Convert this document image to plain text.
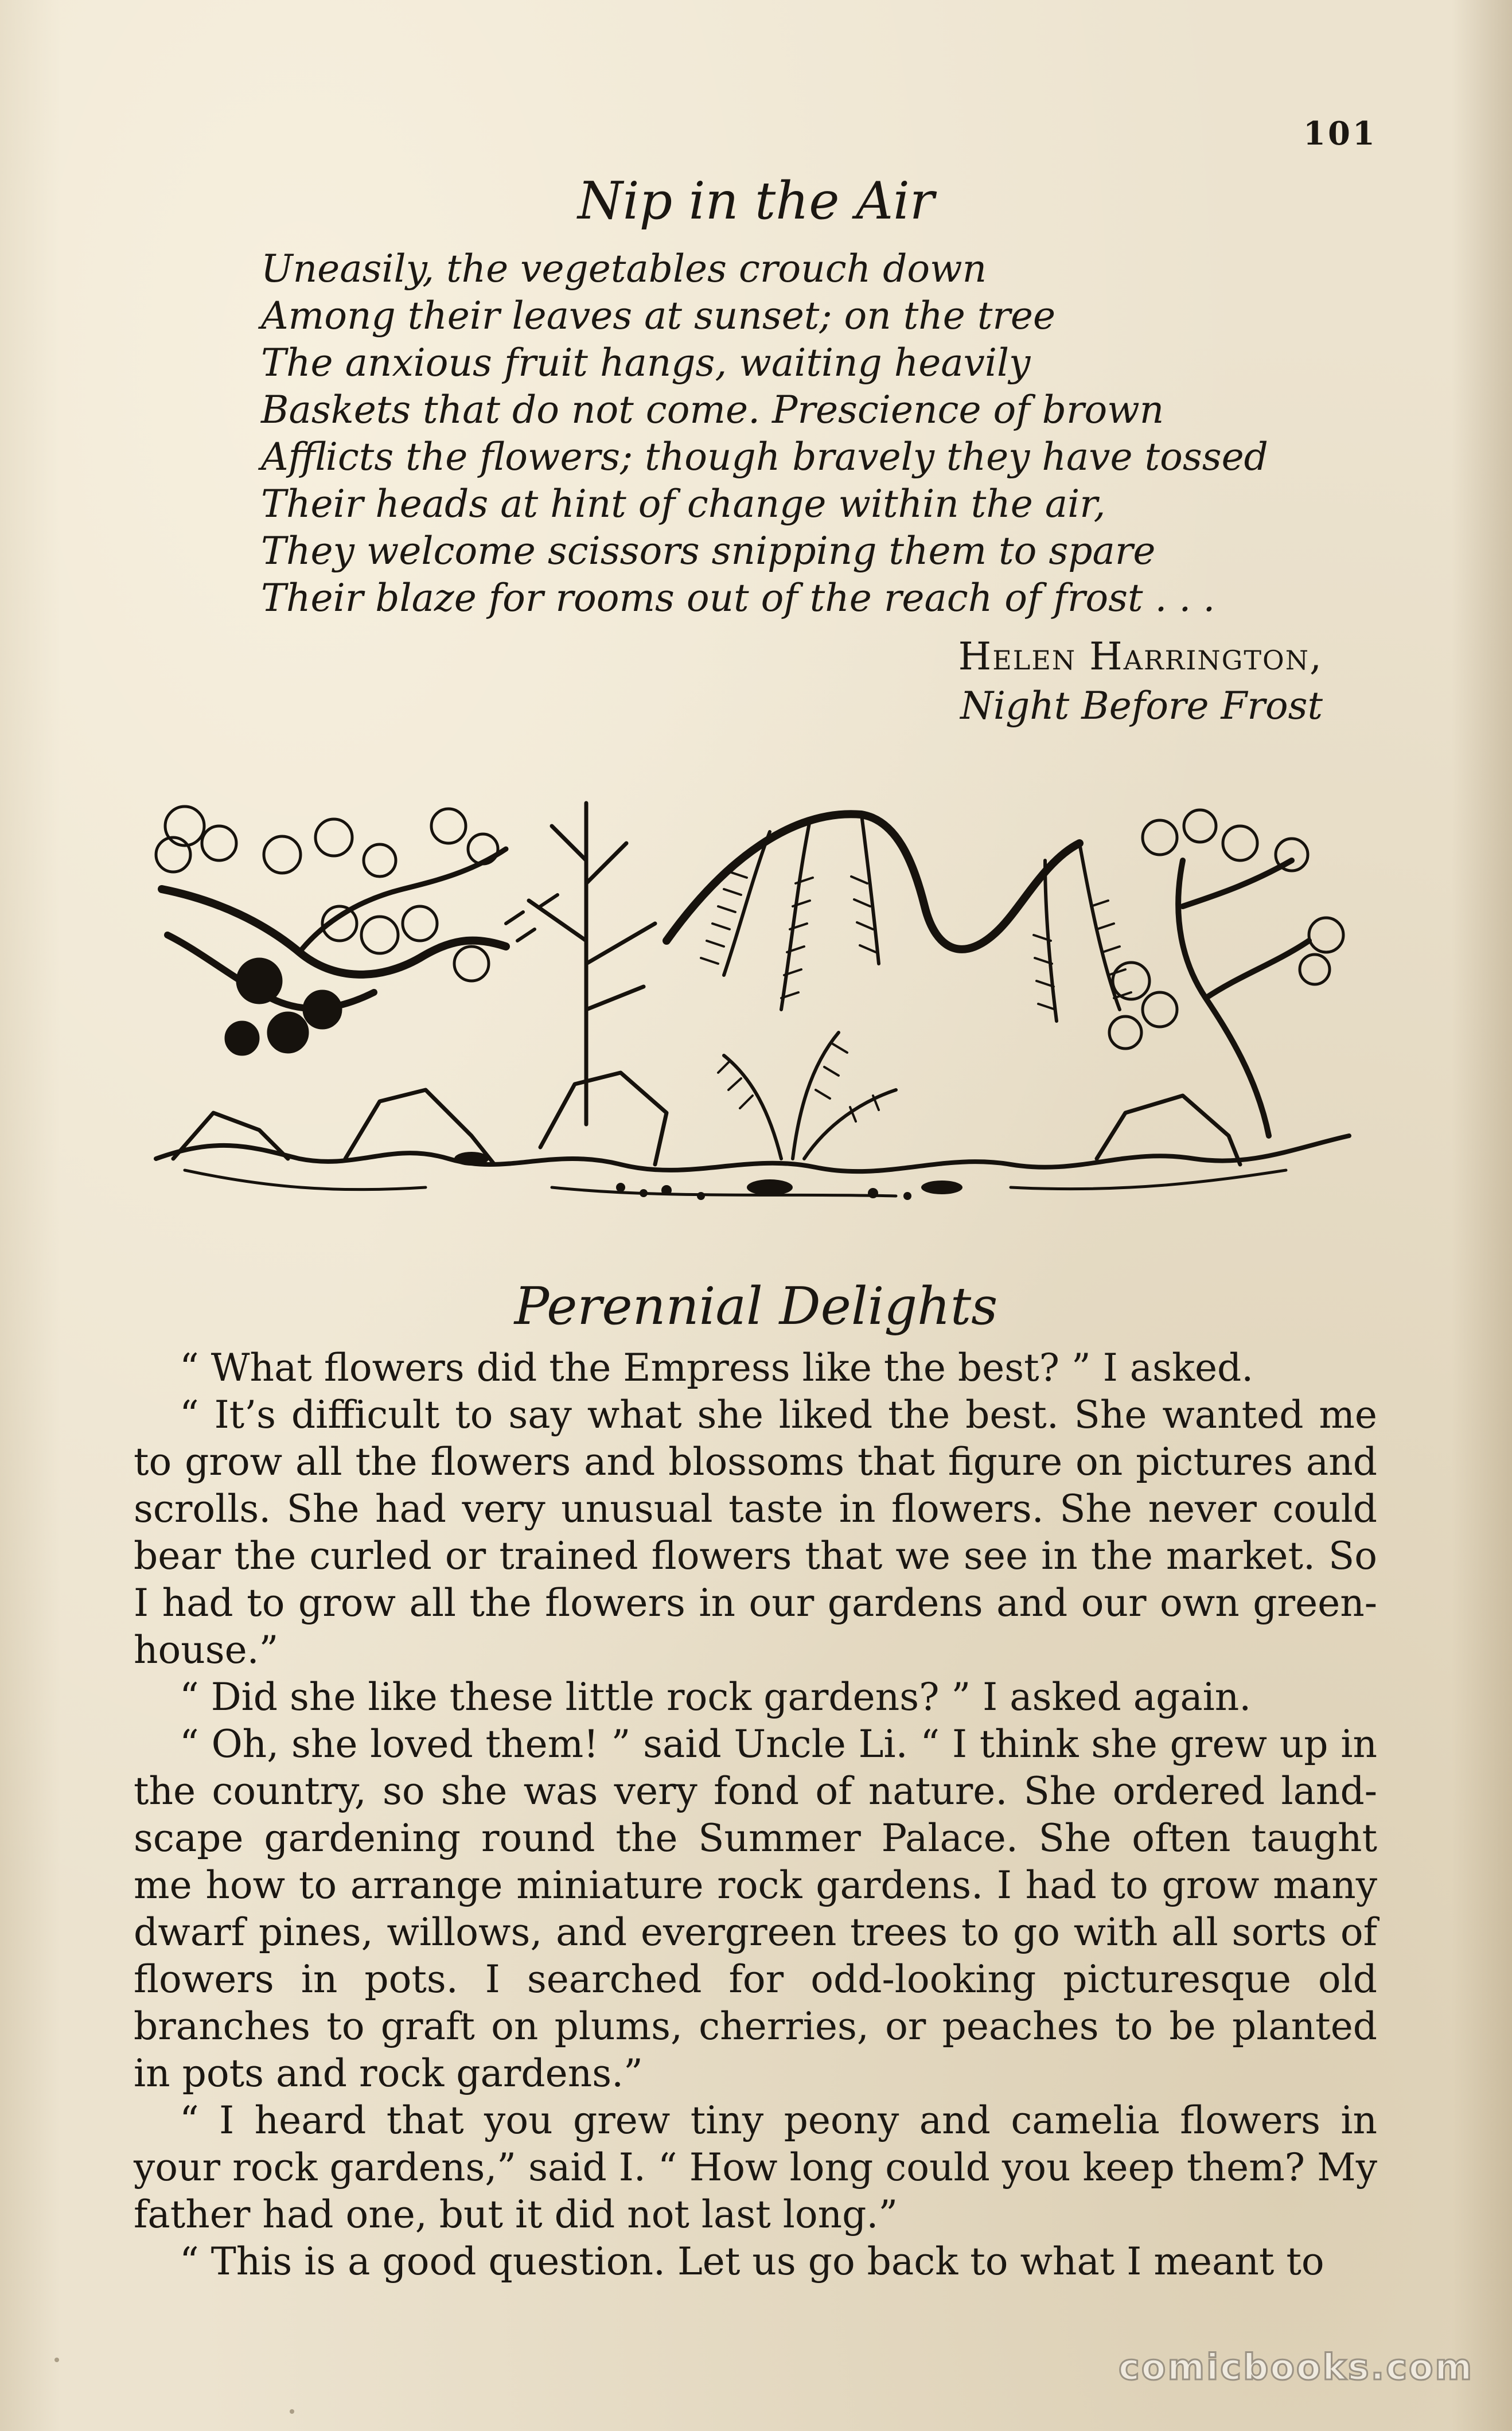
101
Nip in the Air
Uneasily, the vegetables crouch down
Among their leaves at sunset; on the tree
The anxious fruit hangs, waiting heavily
Baskets that do not come. Prescience of brown
Afflicts the flowers; though bravely they have tossed
Their heads at hint of change within the air,
They welcome scissors snipping them to spare
Their blaze for rooms out of the reach of frost . . .
Helen Harrington,
Night Before Frost
Perennial Delights

“ What flowers did the Empress like the best? ” I asked.

“ It’s difficult to say what she liked the best. She wanted me to grow all the flowers and blossoms that figure on pictures and scrolls. She had very unusual taste in flowers. She never could bear the curled or trained flowers that we see in the market. So I had to grow all the flowers in our gardens and our own green-house.”

“ Did she like these little rock gardens? ” I asked again.

“ Oh, she loved them! ” said Uncle Li. “ I think she grew up in the country, so she was very fond of nature. She ordered land-scape gardening round the Summer Palace. She often taught me how to arrange miniature rock gardens. I had to grow many dwarf pines, willows, and evergreen trees to go with all sorts of flowers in pots. I searched for odd-looking picturesque old branches to graft on plums, cherries, or peaches to be planted in pots and rock gardens.”

“ I heard that you grew tiny peony and camelia flowers in your rock gardens,” said I. “ How long could you keep them? My father had one, but it did not last long.”

“ This is a good question. Let us go back to what I meant to

comicbooks.com
